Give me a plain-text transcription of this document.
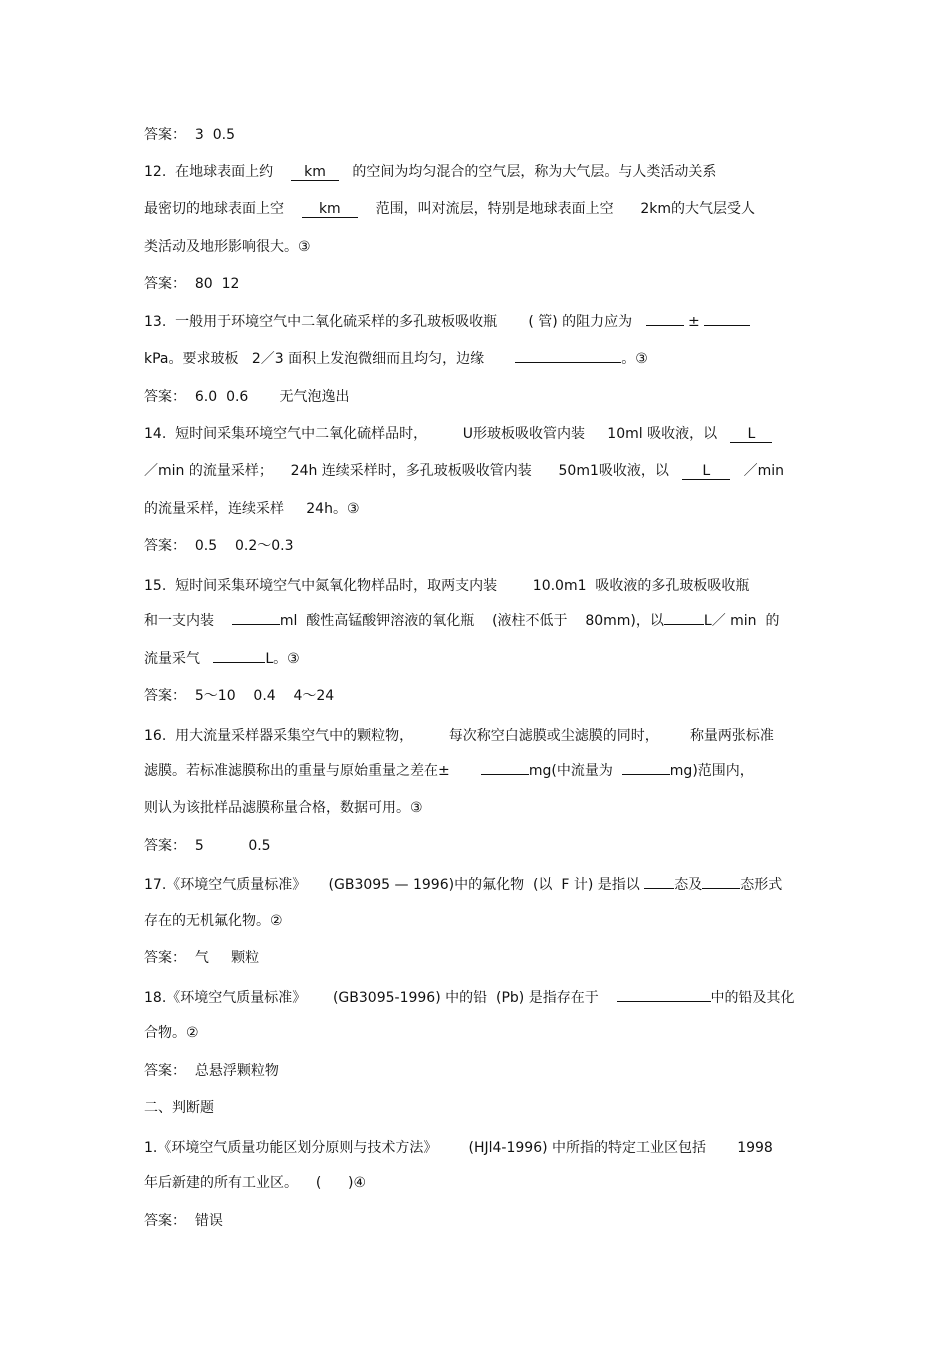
答案：  3  0.5
12.  在地球表面上约 km 的空间为均匀混合的空气层，称为大气层。与人类活动关系
最密切的地球表面上空 km 范围，叫对流层，特别是地球表面上空 2km的大气层受人
类活动及地形影响很大。③
答案：  80  12
13.  一般用于环境空气中二氧化硫采样的多孔玻板吸收瓶 ( 管) 的阻力应为	±
kPa。要求玻板   2／3 面积上发泡微细而且均匀，边缘	。③
答案：  6.0  0.6 无气泡逸出
14.  短时间采集环境空气中二氧化硫样品时，	U形玻板吸收管内装 10ml 吸收液，以 L
／min 的流量采样； 24h 连续采样时，多孔玻板吸收管内装 50m1吸收液，以 L ／min
的流量采样，连续采样 24h。③
答案：  0.5    0.2～0.3
15.  短时间采集环境空气中氮氧化物样品时，取两支内装	10.0m1  吸收液的多孔玻板吸收瓶
和一支内装	ml  酸性高锰酸钾溶液的氧化瓶 (液柱不低于 80mm)，以	L／ min  的
流量采气	L。③
答案：  5～10    0.4    4～24
16.  用大流量采样器采集空气中的颗粒物，	每次称空白滤膜或尘滤膜的同时， 称量两张标准
滤膜。若标准滤膜称出的重量与原始重量之差在±	mg(中流量为	mg)范围内，
则认为该批样品滤膜称量合格，数据可用。③
答案：  5	0.5
17.《环境空气质量标准》 (GB3095 — 1996)中的氟化物  (以  F 计) 是指以 态及	态形式
存在的无机氟化物。②
答案：  气     颗粒
18.《环境空气质量标准》 (GB3095-1996) 中的铅  (Pb) 是指存在于	中的铅及其化
合物。②
答案：  总悬浮颗粒物
二、判断题
1.《环境空气质量功能区划分原则与技术方法》 (HJl4-1996) 中所指的特定工业区包括 1998
年后新建的所有工业区。 (      )④
答案：  错误
